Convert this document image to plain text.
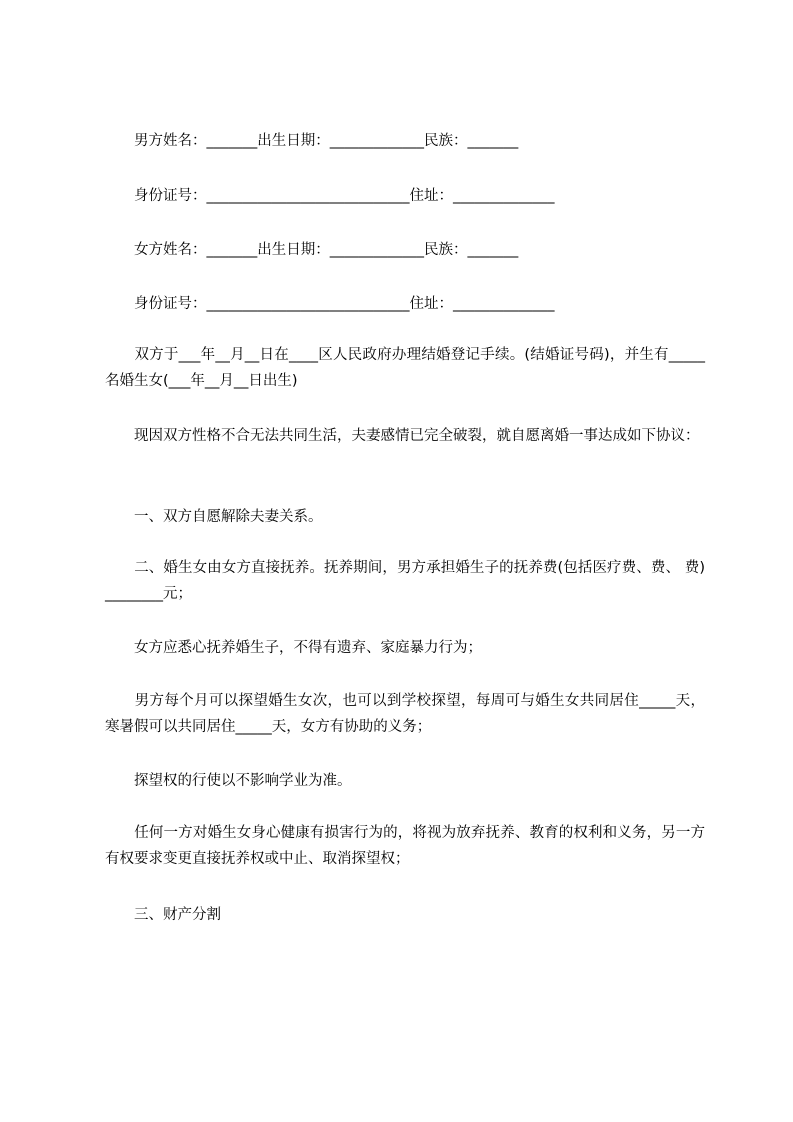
　　男方姓名：_______出生日期：_____________民族：_______

　　身份证号：____________________________住址：______________

　　女方姓名：_______出生日期：_____________民族：_______

　　身份证号：____________________________住址：______________

　　双方于___年__月__日在____区人民政府办理结婚登记手续。(结婚证号码)，并生有_____名婚生女(___年__月__日出生)

　　现因双方性格不合无法共同生活，夫妻感情已完全破裂，就自愿离婚一事达成如下协议：

　　一、双方自愿解除夫妻关系。

　　二、婚生女由女方直接抚养。抚养期间，男方承担婚生子的抚养费(包括医疗费、费、 费)________元；

　　女方应悉心抚养婚生子，不得有遗弃、家庭暴力行为；

　　男方每个月可以探望婚生女次，也可以到学校探望，每周可与婚生女共同居住_____天，寒暑假可以共同居住_____天，女方有协助的义务；

　　探望权的行使以不影响学业为准。

　　任何一方对婚生女身心健康有损害行为的，将视为放弃抚养、教育的权利和义务，另一方有权要求变更直接抚养权或中止、取消探望权；

　　三、财产分割
